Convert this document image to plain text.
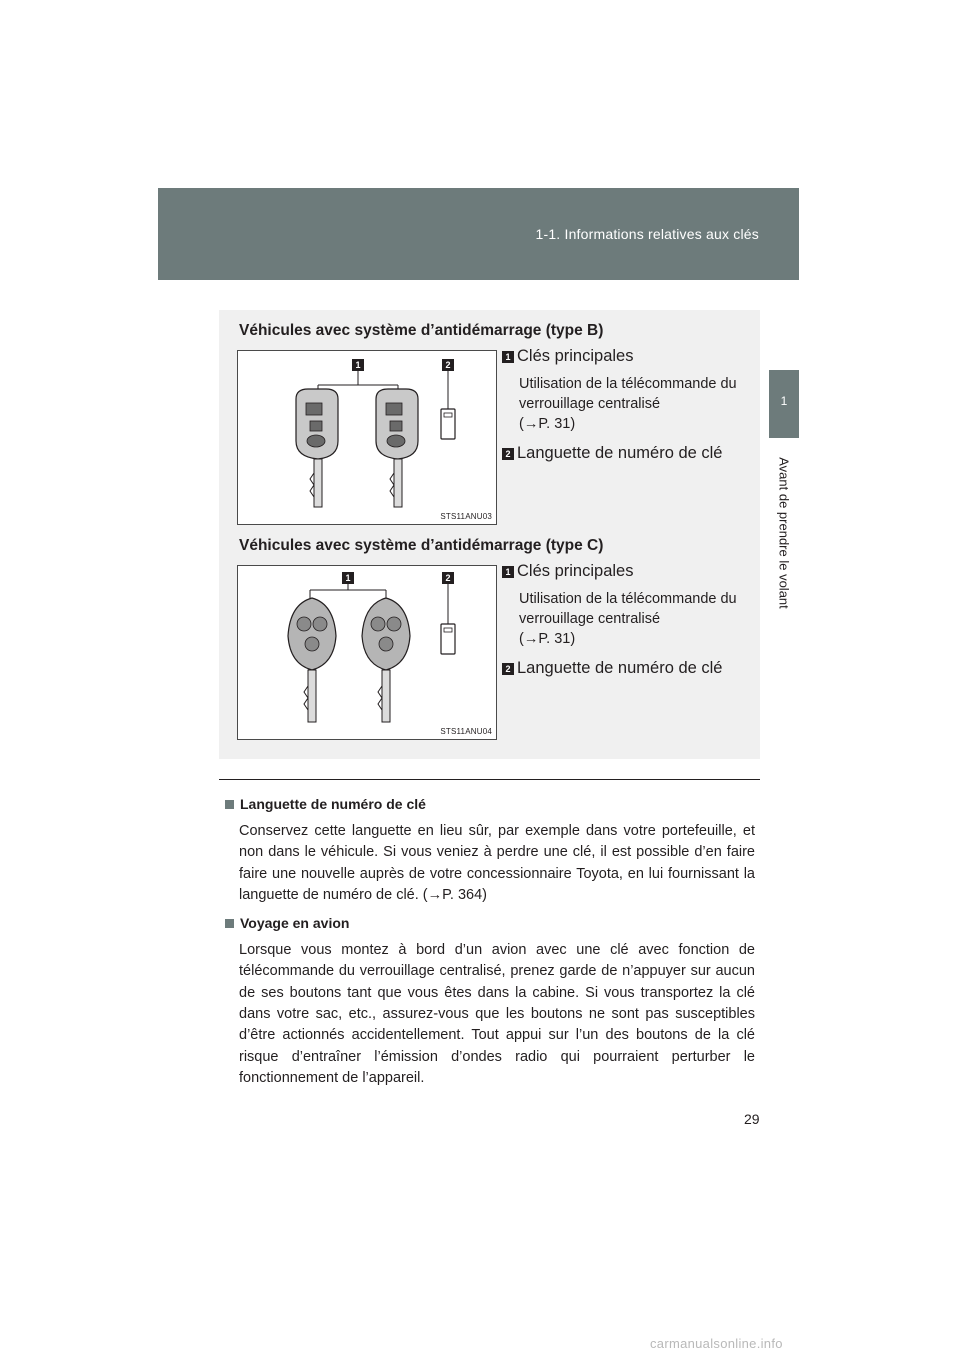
1-1. Informations relatives aux clés
1
Avant de prendre le volant
Véhicules avec système d’antidémarrage (type B)
1	2
STS11ANU03
1 Clés principales
Utilisation de la télécommande du verrouillage centralisé
(→P. 31)
2 Languette de numéro de clé
Véhicules avec système d’antidémarrage (type C)
1	2
STS11ANU04
1 Clés principales
Utilisation de la télécommande du verrouillage centralisé
(→P. 31)
2 Languette de numéro de clé
Languette de numéro de clé
Conservez cette languette en lieu sûr, par exemple dans votre portefeuille, et non dans le véhicule. Si vous veniez à perdre une clé, il est possible d’en faire faire une nouvelle auprès de votre concessionnaire Toyota, en lui fournissant la languette de numéro de clé. (→P. 364)
Voyage en avion
Lorsque vous montez à bord d’un avion avec une clé avec fonction de télécommande du verrouillage centralisé, prenez garde de n’appuyer sur aucun de ses boutons tant que vous êtes dans la cabine. Si vous transportez la clé dans votre sac, etc., assurez-vous que les boutons ne sont pas susceptibles d’être actionnés accidentellement. Tout appui sur l’un des boutons de la clé risque d’entraîner l’émission d’ondes radio qui pourraient perturber le fonctionnement de l’appareil.
29
carmanualsonline.info
